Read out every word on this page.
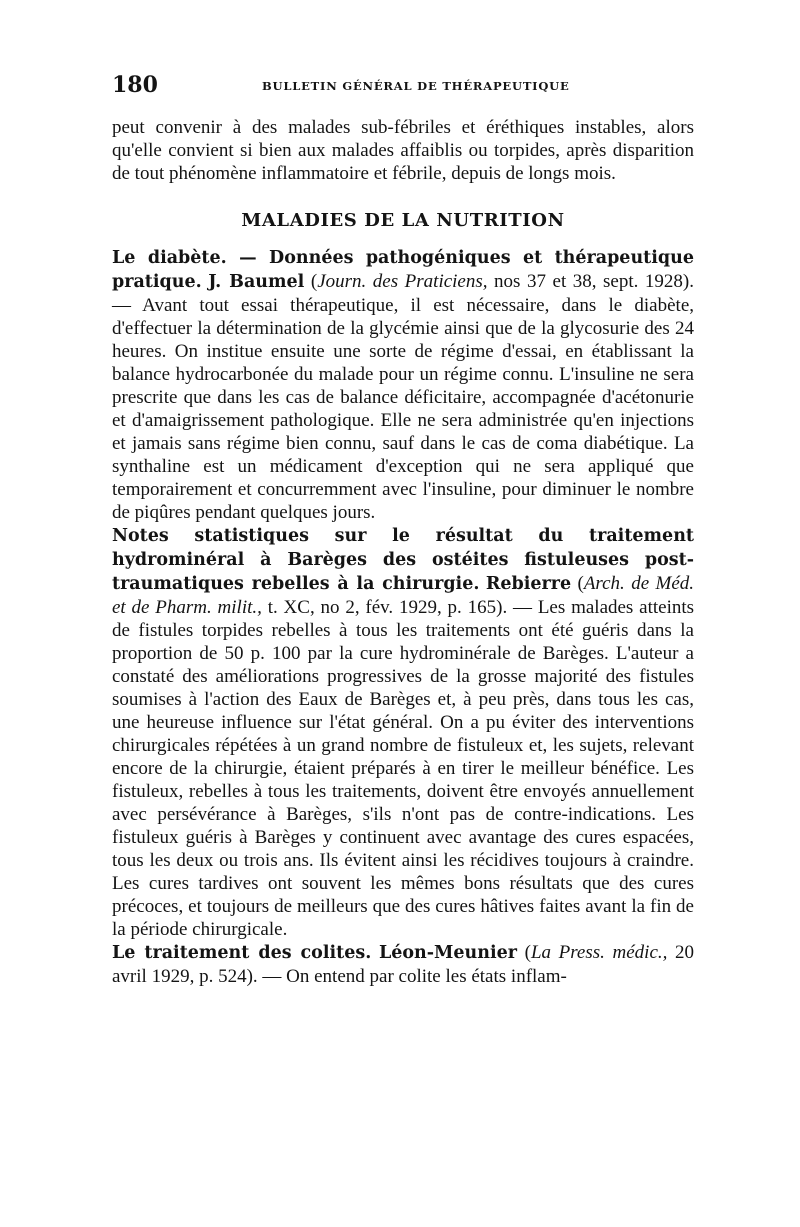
180	BULLETIN GÉNÉRAL DE THÉRAPEUTIQUE

peut convenir à des malades sub-fébriles et éréthiques instables, alors qu'elle convient si bien aux malades affaiblis ou torpides, après disparition de tout phénomène inflammatoire et fébrile, depuis de longs mois.

MALADIES DE LA NUTRITION

Le diabète. — Données pathogéniques et thérapeutique pratique. J. Baumel (Journ. des Praticiens, nos 37 et 38, sept. 1928). — Avant tout essai thérapeutique, il est nécessaire, dans le diabète, d'effectuer la détermination de la glycémie ainsi que de la glycosurie des 24 heures. On institue ensuite une sorte de régime d'essai, en établissant la balance hydrocarbonée du malade pour un régime connu. L'insuline ne sera prescrite que dans les cas de balance déficitaire, accompagnée d'acétonurie et d'amaigrissement pathologique. Elle ne sera administrée qu'en injections et jamais sans régime bien connu, sauf dans le cas de coma diabétique. La synthaline est un médicament d'exception qui ne sera appliqué que temporairement et concurremment avec l'insuline, pour diminuer le nombre de piqûres pendant quelques jours.

Notes statistiques sur le résultat du traitement hydrominéral à Barèges des ostéites fistuleuses post-traumatiques rebelles à la chirurgie. Rebierre (Arch. de Méd. et de Pharm. milit., t. XC, no 2, fév. 1929, p. 165). — Les malades atteints de fistules torpides rebelles à tous les traitements ont été guéris dans la proportion de 50 p. 100 par la cure hydrominérale de Barèges. L'auteur a constaté des améliorations progressives de la grosse majorité des fistules soumises à l'action des Eaux de Barèges et, à peu près, dans tous les cas, une heureuse influence sur l'état général. On a pu éviter des interventions chirurgicales répétées à un grand nombre de fistuleux et, les sujets, relevant encore de la chirurgie, étaient préparés à en tirer le meilleur bénéfice. Les fistuleux, rebelles à tous les traitements, doivent être envoyés annuellement avec persévérance à Barèges, s'ils n'ont pas de contre-indications. Les fistuleux guéris à Barèges y continuent avec avantage des cures espacées, tous les deux ou trois ans. Ils évitent ainsi les récidives toujours à craindre. Les cures tardives ont souvent les mêmes bons résultats que des cures précoces, et toujours de meilleurs que des cures hâtives faites avant la fin de la période chirurgicale.

Le traitement des colites. Léon-Meunier (La Press. médic., 20 avril 1929, p. 524). — On entend par colite les états inflam-
